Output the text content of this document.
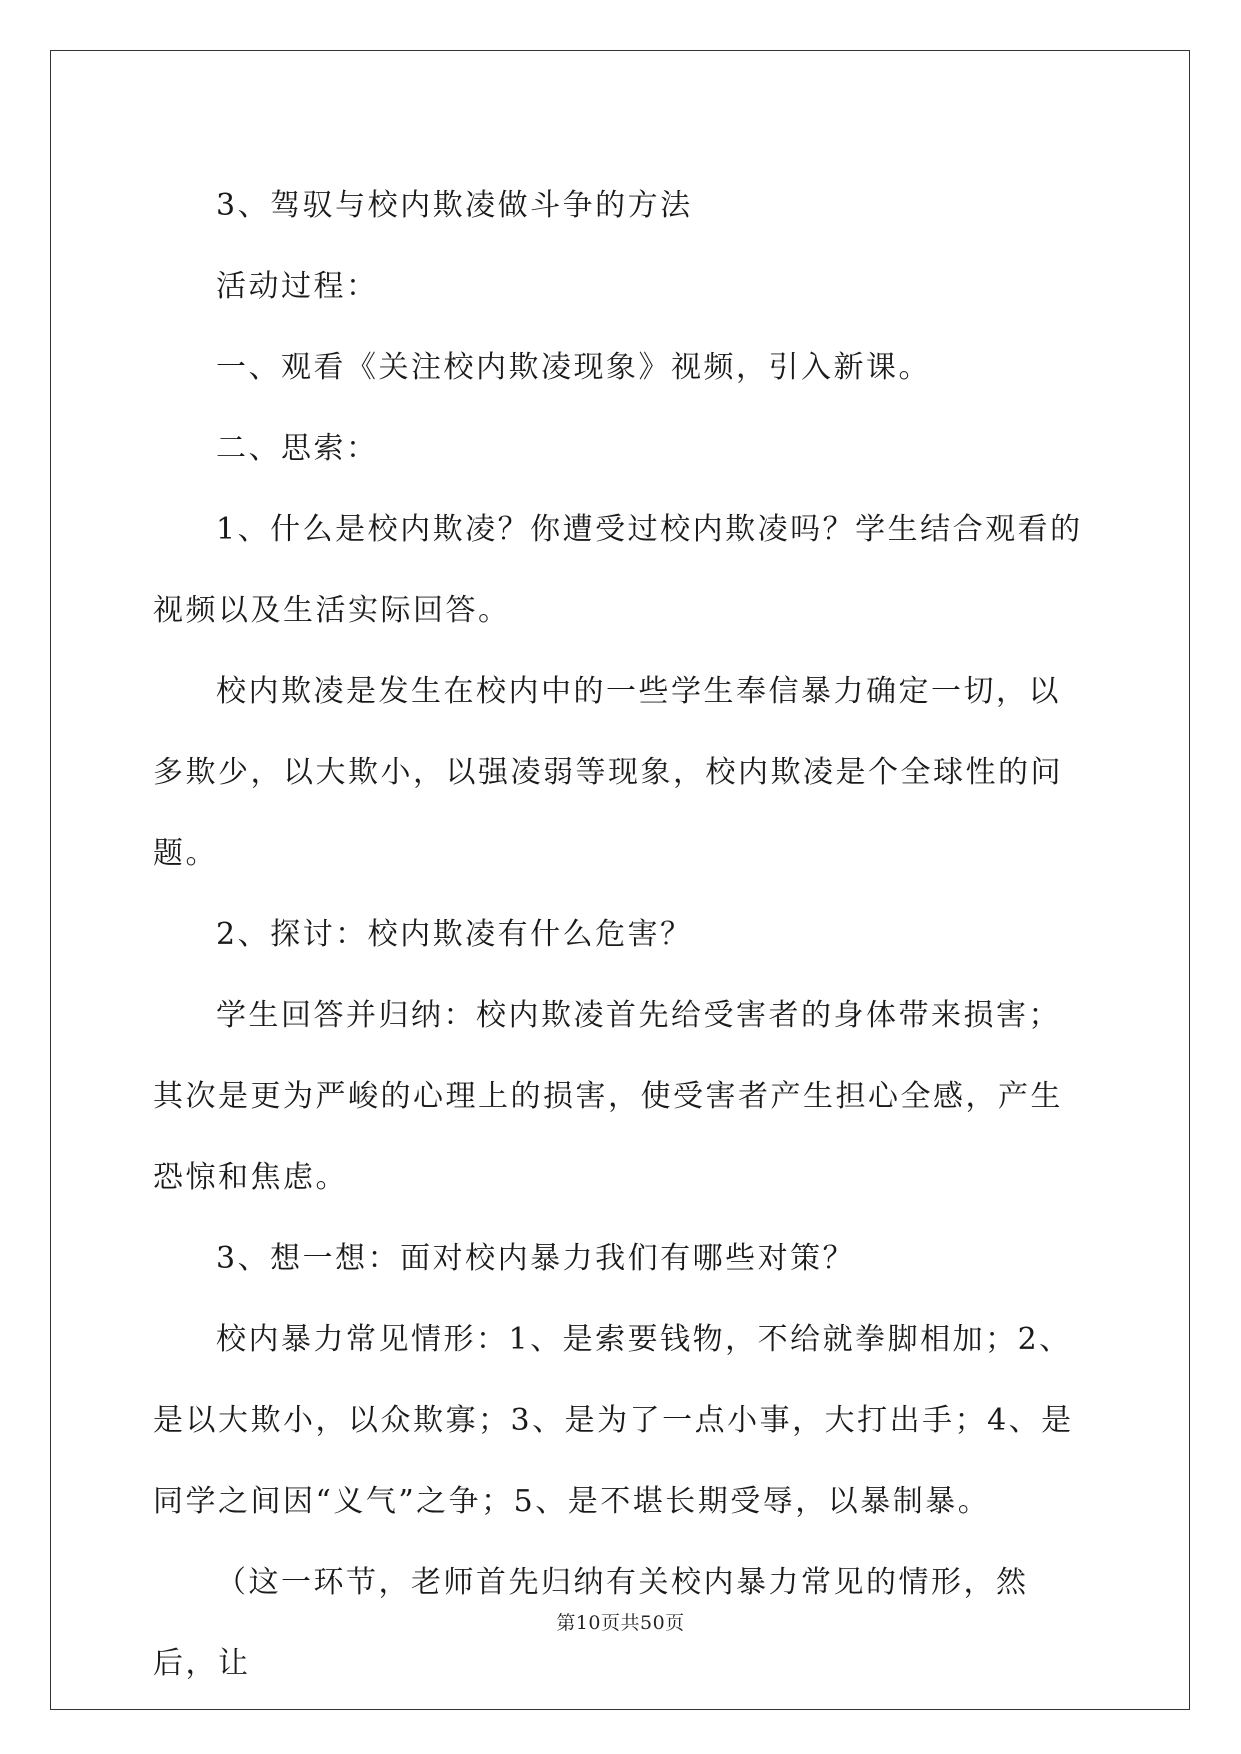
3、驾驭与校内欺凌做斗争的方法

活动过程：

一、观看《关注校内欺凌现象》视频，引入新课。

二、思索：

1、什么是校内欺凌？你遭受过校内欺凌吗？学生结合观看的视频以及生活实际回答。

校内欺凌是发生在校内中的一些学生奉信暴力确定一切，以多欺少，以大欺小，以强凌弱等现象，校内欺凌是个全球性的问题。

2、探讨：校内欺凌有什么危害？

学生回答并归纳：校内欺凌首先给受害者的身体带来损害；其次是更为严峻的心理上的损害，使受害者产生担心全感，产生恐惊和焦虑。

3、想一想：面对校内暴力我们有哪些对策？

校内暴力常见情形：1、是索要钱物，不给就拳脚相加；2、是以大欺小，以众欺寡；3、是为了一点小事，大打出手；4、是同学之间因“义气”之争；5、是不堪长期受辱，以暴制暴。

（这一环节，老师首先归纳有关校内暴力常见的情形，然后，让

第10页共50页
